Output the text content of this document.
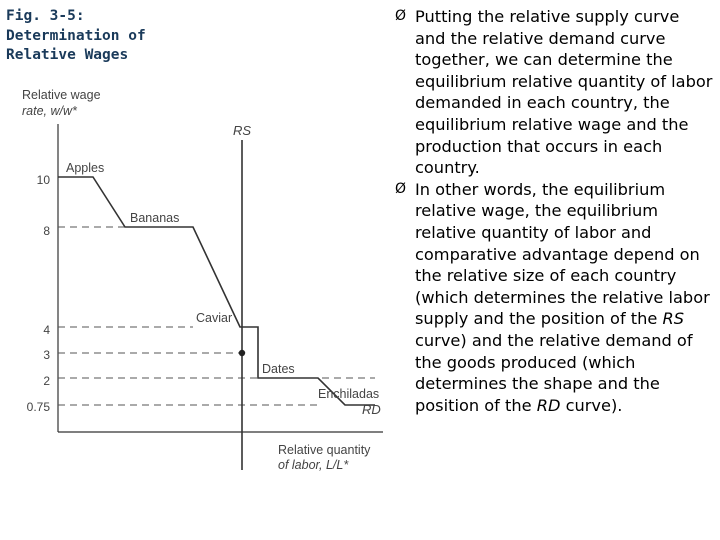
Fig. 3-5:
Determination of
Relative Wages
Relative wage
rate, w/w*
10
8
4
3
2
0.75
RS
RD
Apples
Bananas
Caviar
Dates
Enchiladas
Relative quantity
of labor, L/L*

Ø Putting the relative supply curve and the relative demand curve together, we can determine the equilibrium relative quantity of labor demanded in each country, the equilibrium relative wage and the production that occurs in each country.

Ø In other words, the equilibrium relative wage, the equilibrium relative quantity of labor and comparative advantage depend on the relative size of each country (which determines the relative labor supply and the position of the RS curve) and the relative demand of the goods produced (which determines the shape and the position of the RD curve).
